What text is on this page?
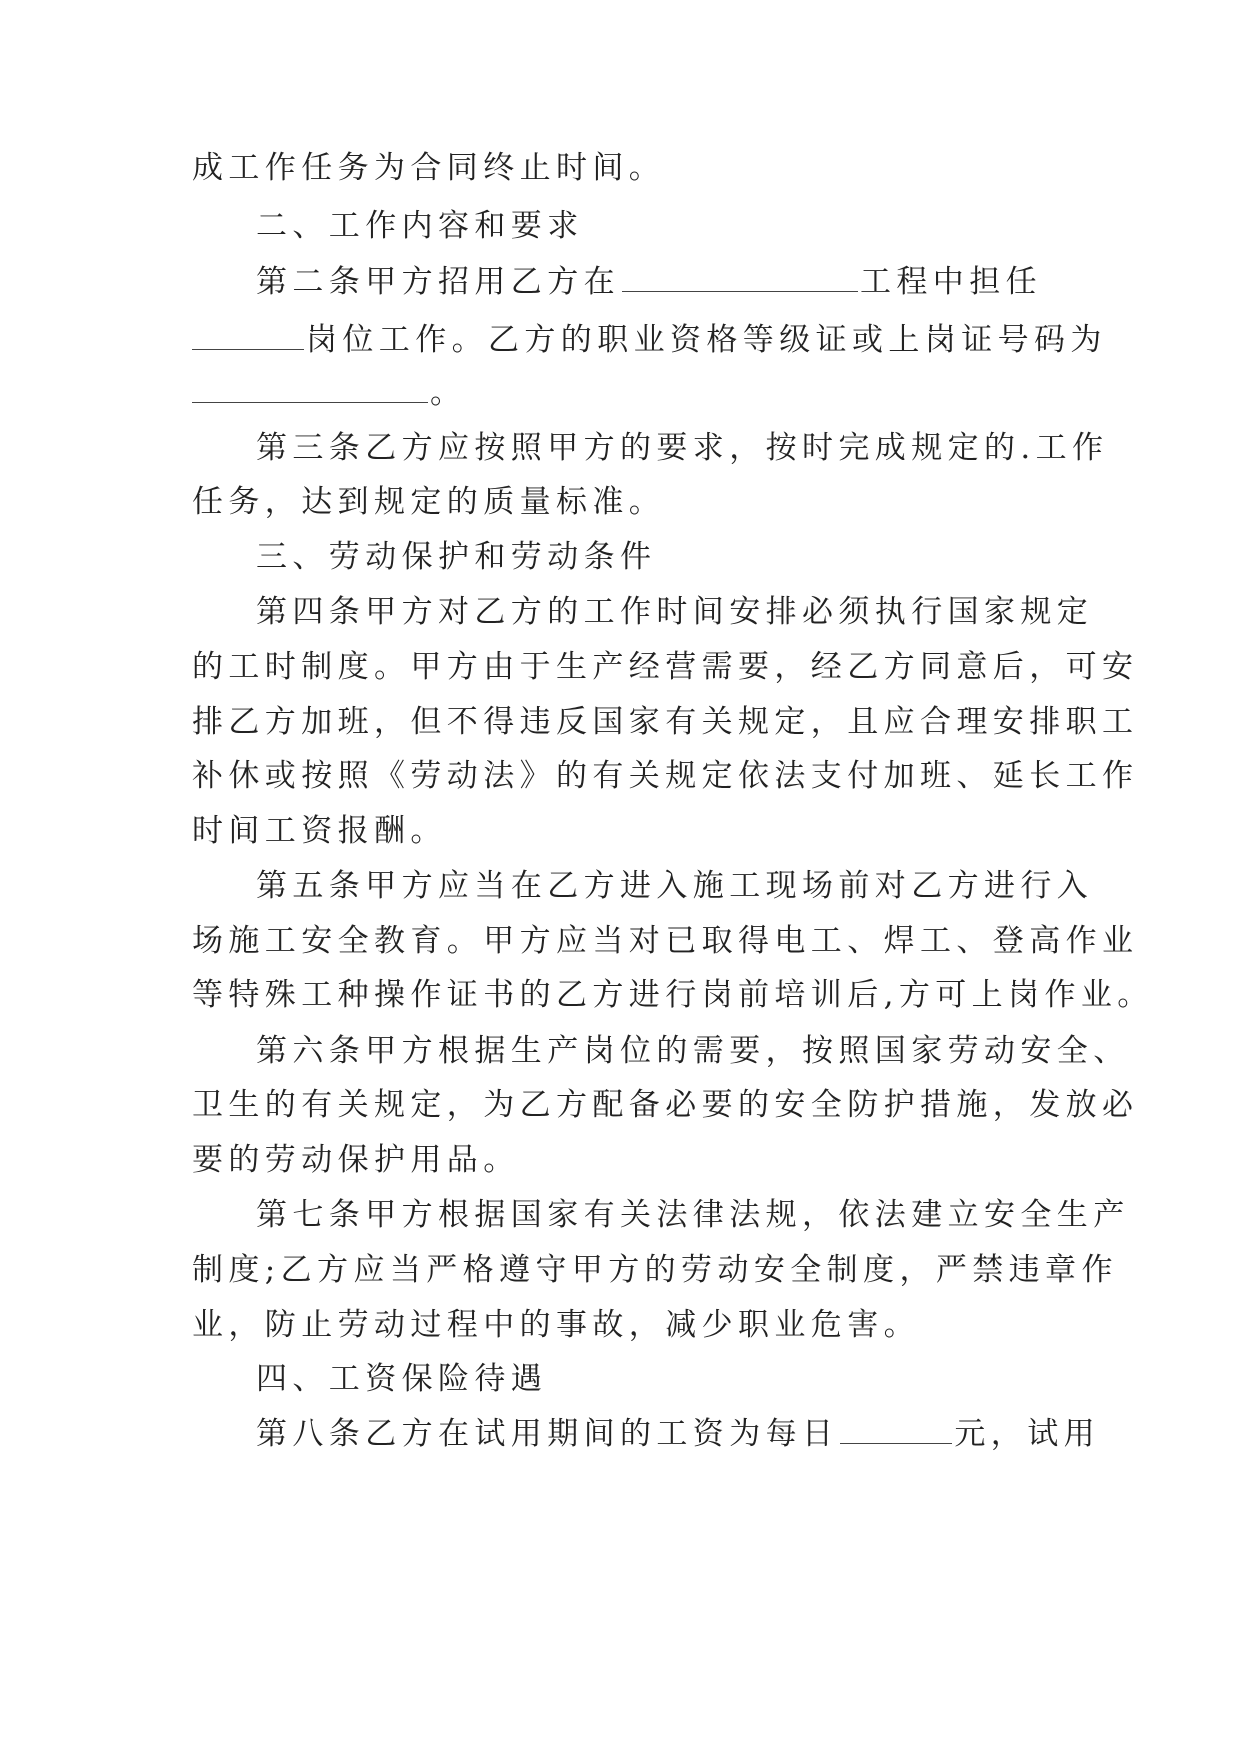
成工作任务为合同终止时间。
二、工作内容和要求
第二条甲方招用乙方在	工程中担任
岗位工作。乙方的职业资格等级证或上岗证号码为
。
第三条乙方应按照甲方的要求，按时完成规定的.工作
任务，达到规定的质量标准。
三、劳动保护和劳动条件
第四条甲方对乙方的工作时间安排必须执行国家规定
的工时制度。甲方由于生产经营需要，经乙方同意后，可安
排乙方加班，但不得违反国家有关规定，且应合理安排职工
补休或按照《劳动法》的有关规定依法支付加班、延长工作
时间工资报酬。
第五条甲方应当在乙方进入施工现场前对乙方进行入
场施工安全教育。甲方应当对已取得电工、焊工、登高作业
等特殊工种操作证书的乙方进行岗前培训后,方可上岗作业。
第六条甲方根据生产岗位的需要，按照国家劳动安全、
卫生的有关规定，为乙方配备必要的安全防护措施，发放必
要的劳动保护用品。
第七条甲方根据国家有关法律法规，依法建立安全生产
制度;乙方应当严格遵守甲方的劳动安全制度，严禁违章作
业，防止劳动过程中的事故，减少职业危害。
四、工资保险待遇
第八条乙方在试用期间的工资为每日	元，试用
